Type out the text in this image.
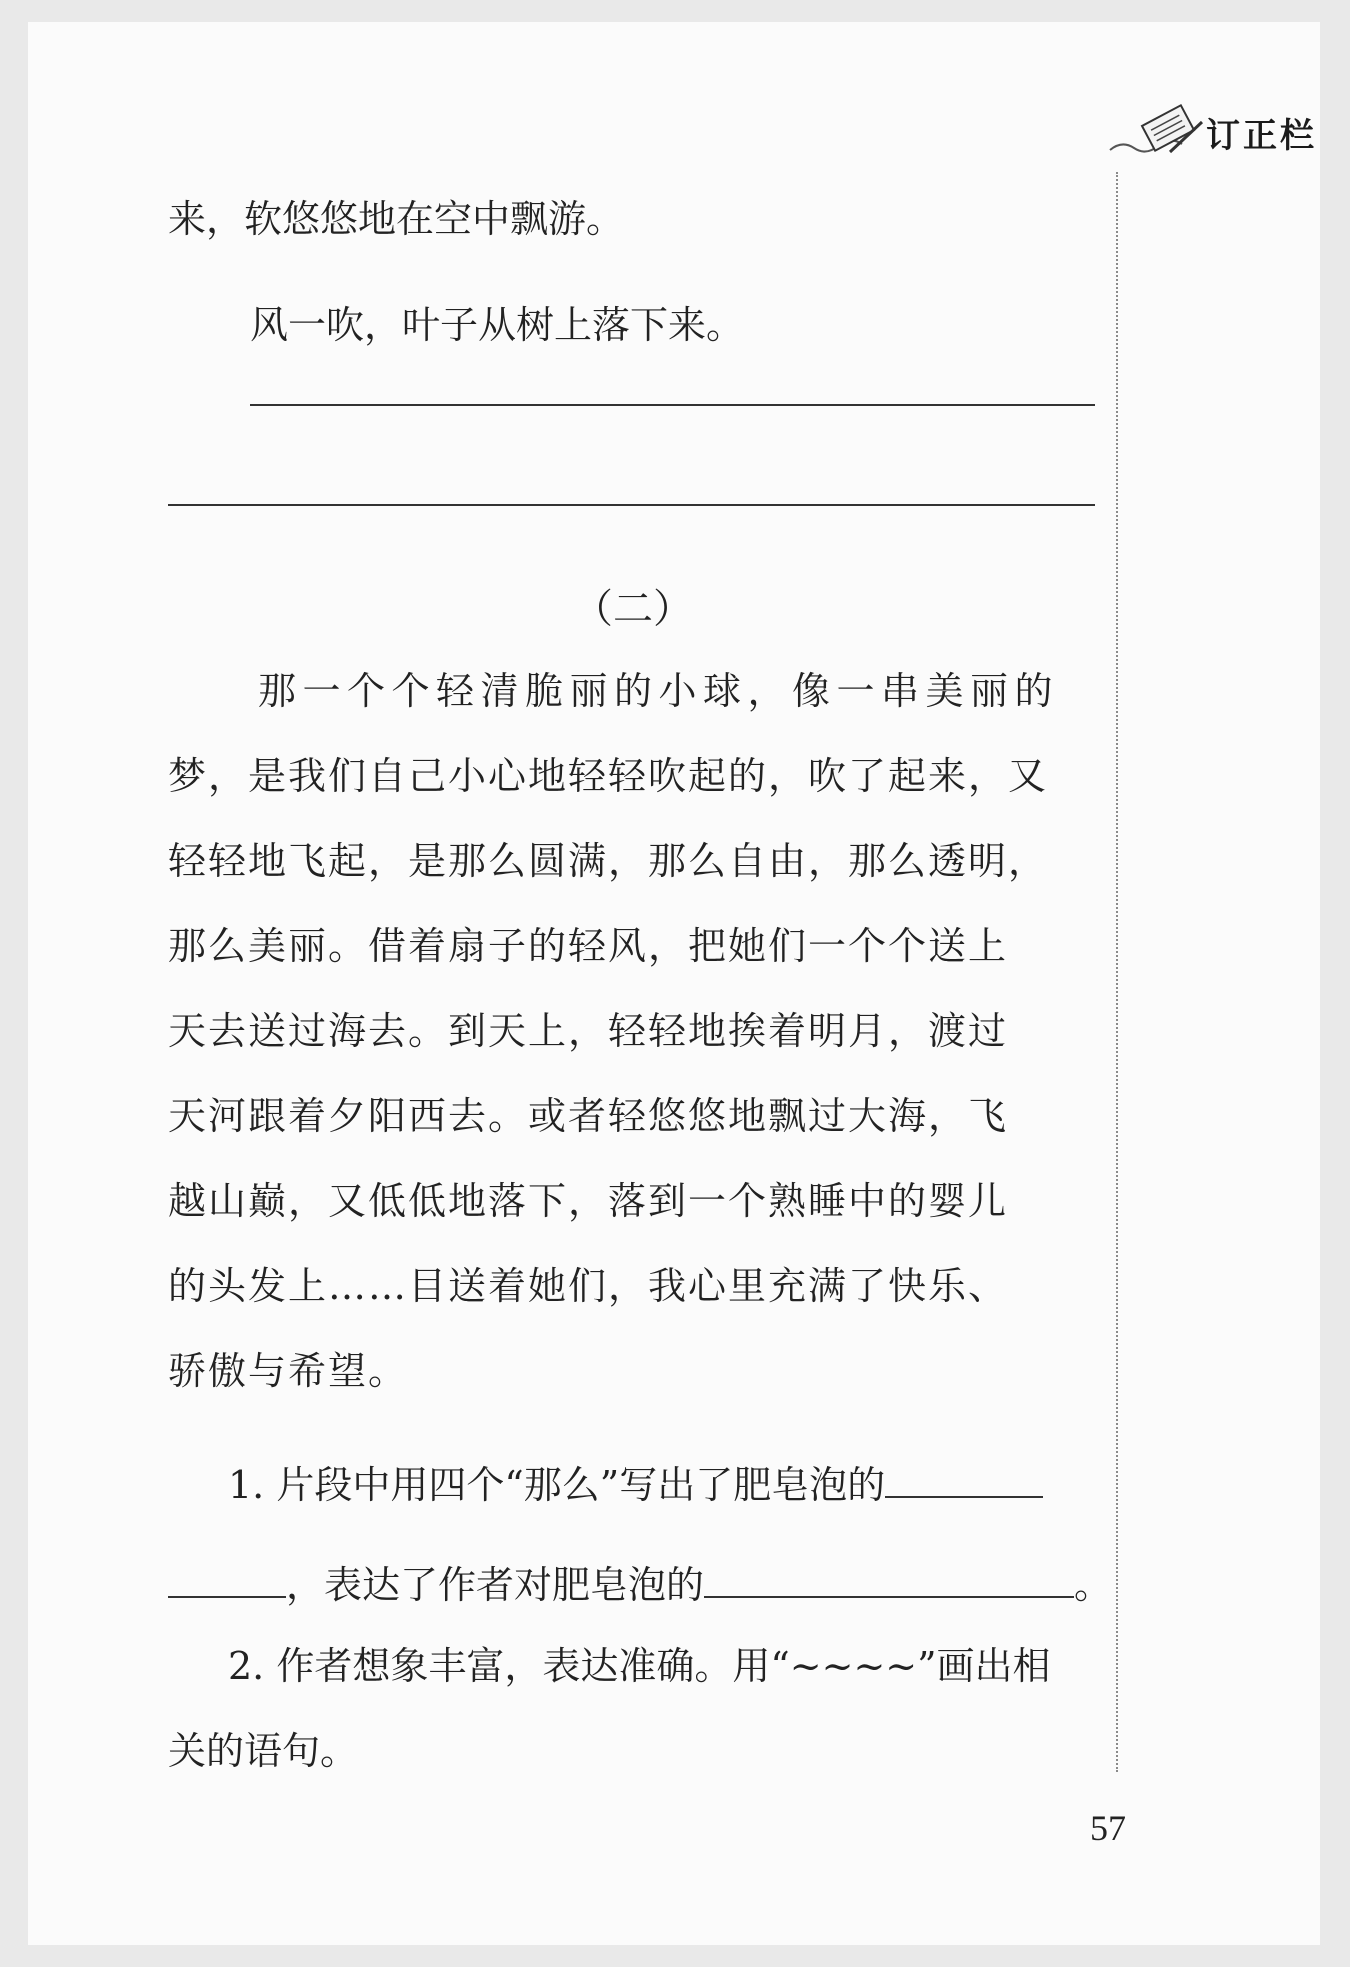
订正栏
来，软悠悠地在空中飘游。
风一吹，叶子从树上落下来。
（二）
那一个个轻清脆丽的小球，像一串美丽的
梦，是我们自己小心地轻轻吹起的，吹了起来，又
轻轻地飞起，是那么圆满，那么自由，那么透明，
那么美丽。借着扇子的轻风，把她们一个个送上
天去送过海去。到天上，轻轻地挨着明月，渡过
天河跟着夕阳西去。或者轻悠悠地飘过大海，飞
越山巅，又低低地落下，落到一个熟睡中的婴儿
的头发上……目送着她们，我心里充满了快乐、
骄傲与希望。
1. 片段中用四个“那么”写出了肥皂泡的
，表达了作者对肥皂泡的	。
2. 作者想象丰富，表达准确。用“~~~~”画出相
关的语句。
57
